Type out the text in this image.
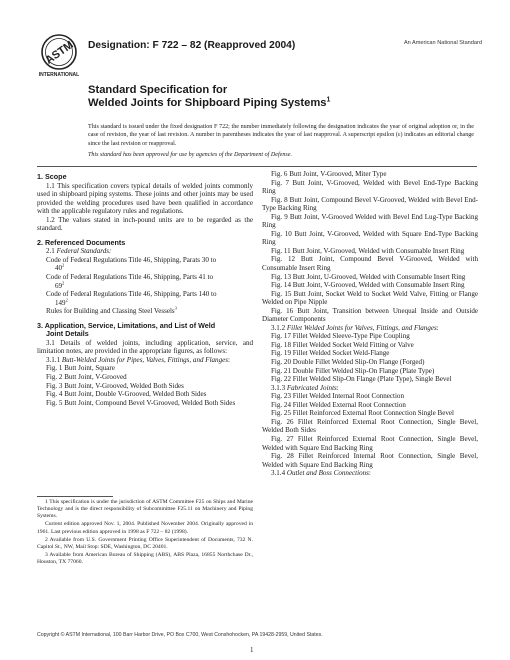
ASTM
INTERNATIONAL
Designation: F 722 – 82 (Reapproved 2004)	An American National Standard
Standard Specification for
Welded Joints for Shipboard Piping Systems$^1$

This standard is issued under the fixed designation F 722; the number immediately following the designation indicates the year of original adoption or, in the case of revision, the year of last revision. A number in parentheses indicates the year of last reapproval. A superscript epsilon (ε) indicates an editorial change since the last revision or reapproval.

This standard has been approved for use by agencies of the Department of Defense.

1. Scope

1.1 This specification covers typical details of welded joints commonly used in shipboard piping systems. These joints and other joints may be used provided the welding procedures used have been qualified in accordance with the applicable regulatory rules and regulations.

1.2 The values stated in inch-pound units are to be regarded as the standard.

2. Referenced Documents

2.1 Federal Standards:

Code of Federal Regulations Title 46, Shipping, Parats 30 to

$40^2$

Code of Federal Regulations Title 46, Shipping, Parts 41 to

$69^2$

Code of Federal Regulations Title 46, Shipping, Parts 140 to

$149^2$

Rules for Building and Classing Steel Vessels$^3$

3. Application, Service, Limitations, and List of Weld

Joint Details

3.1 Details of welded joints, including application, service, and limitation notes, are provided in the appropriate figures, as follows:

3.1.1 Butt-Welded Joints for Pipes, Valves, Fittings, and Flanges:

Fig. 1 Butt Joint, Square

Fig. 2 Butt Joint, V-Grooved

Fig. 3 Butt Joint, V-Grooved, Welded Both Sides

Fig. 4 Butt Joint, Double V-Grooved, Welded Both Sides

Fig. 5 Butt Joint, Compound Bevel V-Grooved, Welded Both Sides

1 This specification is under the jurisdiction of ASTM Committee F25 on Ships and Marine Technology and is the direct responsibility of Subcommittee F25.11 on Machinery and Piping Systems.

Current edition approved Nov. 1, 2004. Published November 2004. Originally approved in 1961. Last previous edition approved in 1998 as F 722 – 82 (1998).

2 Available from U.S. Government Printing Office Superintendent of Documents, 732 N. Capitol St., NW, Mail Stop: SDE, Washington, DC 20401.

3 Available from American Bureau of Shipping (ABS), ABS Plaza, 16855 Northchase Dr., Houston, TX 77060.

Fig. 6 Butt Joint, V-Grooved, Miter Type

Fig. 7 Butt Joint, V-Grooved, Welded with Bevel End-Type Backing Ring

Fig. 8 Butt Joint, Compound Bevel V-Grooved, Welded with Bevel End-Type Backing Ring

Fig. 9 Butt Joint, V-Grooved Welded with Bevel End Lug-Type Backing Ring

Fig. 10 Butt Joint, V-Grooved, Welded with Square End-Type Backing Ring

Fig. 11 Butt Joint, V-Grooved, Welded with Consumable Insert Ring

Fig. 12 Butt Joint, Compound Bevel V-Grooved, Welded with Consumable Insert Ring

Fig. 13 Butt Joint, U-Grooved, Welded with Consumable Insert Ring

Fig. 14 Butt Joint, V-Grooved, Welded with Consumable Insert Ring

Fig. 15 Butt Joint, Socket Weld to Socket Weld Valve, Fitting or Flange Welded on Pipe Nipple

Fig. 16 Butt Joint, Transition between Unequal Inside and Outside Diameter Components

3.1.2 Fillet Welded Joints for Valves, Fittings, and Flanges:

Fig. 17 Fillet Welded Sleeve-Type Pipe Coupling

Fig. 18 Fillet Welded Socket Weld Fitting or Valve

Fig. 19 Fillet Welded Socket Weld-Flange

Fig. 20 Double Fillet Welded Slip-On Flange (Forged)

Fig. 21 Double Fillet Welded Slip-On Flange (Plate Type)

Fig. 22 Fillet Welded Slip-On Flange (Plate Type), Single Bevel

3.1.3 Fabricated Joints:

Fig. 23 Fillet Welded Internal Root Connection

Fig. 24 Fillet Welded External Root Connection

Fig. 25 Fillet Reinforced External Root Connection Single Bevel

Fig. 26 Fillet Reinforced External Root Connection, Single Bevel, Welded Both Sides

Fig. 27 Fillet Reinforced External Root Connection, Single Bevel, Welded with Square End Backing Ring

Fig. 28 Fillet Reinforced Internal Root Connection, Single Bevel, Welded with Square End Backing Ring

3.1.4 Outlet and Boss Connections:

Copyright © ASTM International, 100 Barr Harbor Drive, PO Box C700, West Conshohocken, PA 19428-2959, United States.
1
